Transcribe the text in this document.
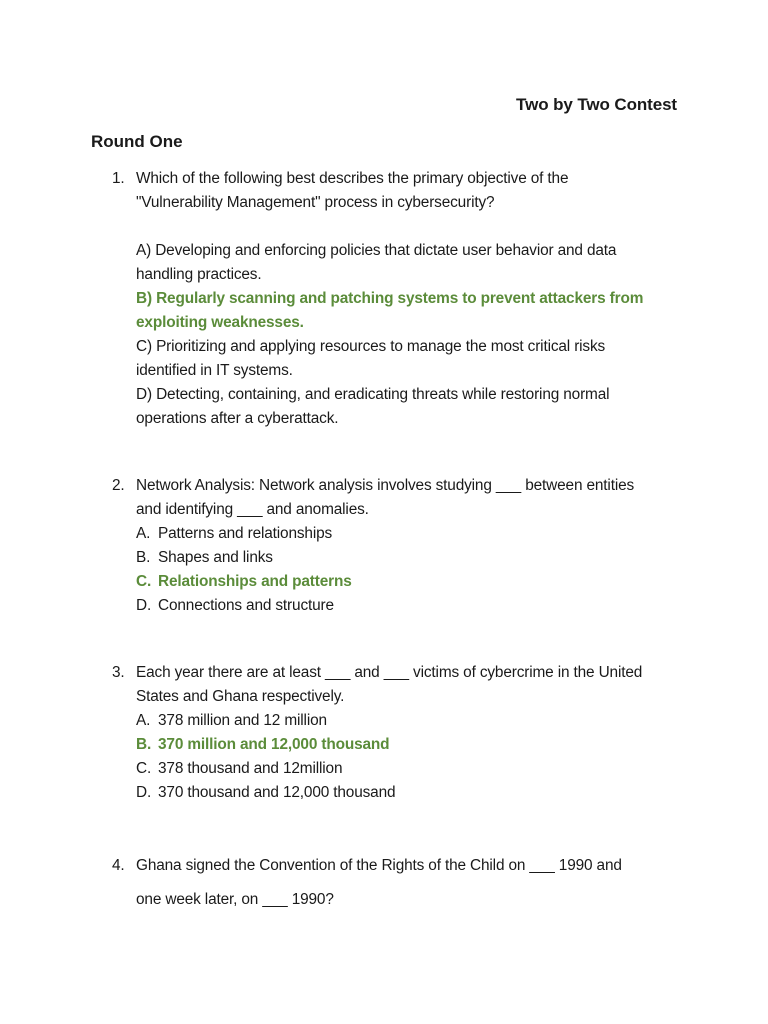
Two by Two Contest
Round One
1. Which of the following best describes the primary objective of the
"Vulnerability Management" process in cybersecurity?
A) Developing and enforcing policies that dictate user behavior and data
handling practices.
B) Regularly scanning and patching systems to prevent attackers from
exploiting weaknesses.
C) Prioritizing and applying resources to manage the most critical risks
identified in IT systems.
D) Detecting, containing, and eradicating threats while restoring normal
operations after a cyberattack.
2. Network Analysis: Network analysis involves studying ___ between entities
and identifying ___ and anomalies.
A. Patterns and relationships
B. Shapes and links
C. Relationships and patterns
D. Connections and structure
3. Each year there are at least ___ and ___ victims of cybercrime in the United
States and Ghana respectively.
A. 378 million and 12 million
B. 370 million and 12,000 thousand
C. 378 thousand and 12million
D. 370 thousand and 12,000 thousand
4. Ghana signed the Convention of the Rights of the Child on ___ 1990 and
one week later, on ___ 1990?
